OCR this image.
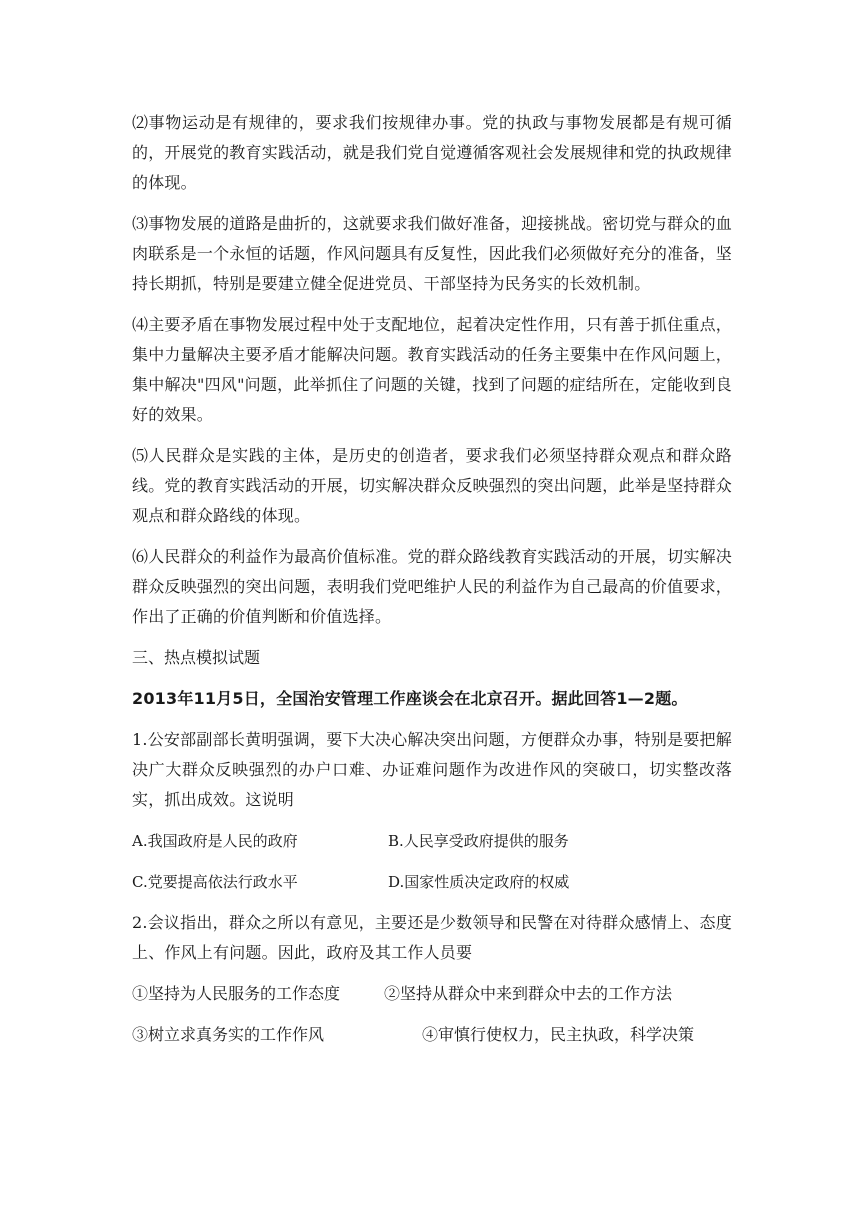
⑵事物运动是有规律的，要求我们按规律办事。党的执政与事物发展都是有规可循的，开展党的教育实践活动，就是我们党自觉遵循客观社会发展规律和党的执政规律的体现。

⑶事物发展的道路是曲折的，这就要求我们做好准备，迎接挑战。密切党与群众的血肉联系是一个永恒的话题，作风问题具有反复性，因此我们必须做好充分的准备，坚持长期抓，特别是要建立健全促进党员、干部坚持为民务实的长效机制。

⑷主要矛盾在事物发展过程中处于支配地位，起着决定性作用，只有善于抓住重点，集中力量解决主要矛盾才能解决问题。教育实践活动的任务主要集中在作风问题上，集中解决"四风"问题，此举抓住了问题的关键，找到了问题的症结所在，定能收到良好的效果。

⑸人民群众是实践的主体，是历史的创造者，要求我们必须坚持群众观点和群众路线。党的教育实践活动的开展，切实解决群众反映强烈的突出问题，此举是坚持群众观点和群众路线的体现。

⑹人民群众的利益作为最高价值标准。党的群众路线教育实践活动的开展，切实解决群众反映强烈的突出问题，表明我们党吧维护人民的利益作为自己最高的价值要求，作出了正确的价值判断和价值选择。

三、热点模拟试题

2013年11月5日，全国治安管理工作座谈会在北京召开。据此回答1—2题。

1.公安部副部长黄明强调，要下大决心解决突出问题，方便群众办事，特别是要把解决广大群众反映强烈的办户口难、办证难问题作为改进作风的突破口，切实整改落实，抓出成效。这说明

A.我国政府是人民的政府	B.人民享受政府提供的服务
C.党要提高依法行政水平	D.国家性质决定政府的权威

2.会议指出，群众之所以有意见，主要还是少数领导和民警在对待群众感情上、态度上、作风上有问题。因此，政府及其工作人员要

①坚持为人民服务的工作态度	②坚持从群众中来到群众中去的工作方法
③树立求真务实的工作作风	④审慎行使权力，民主执政，科学决策
